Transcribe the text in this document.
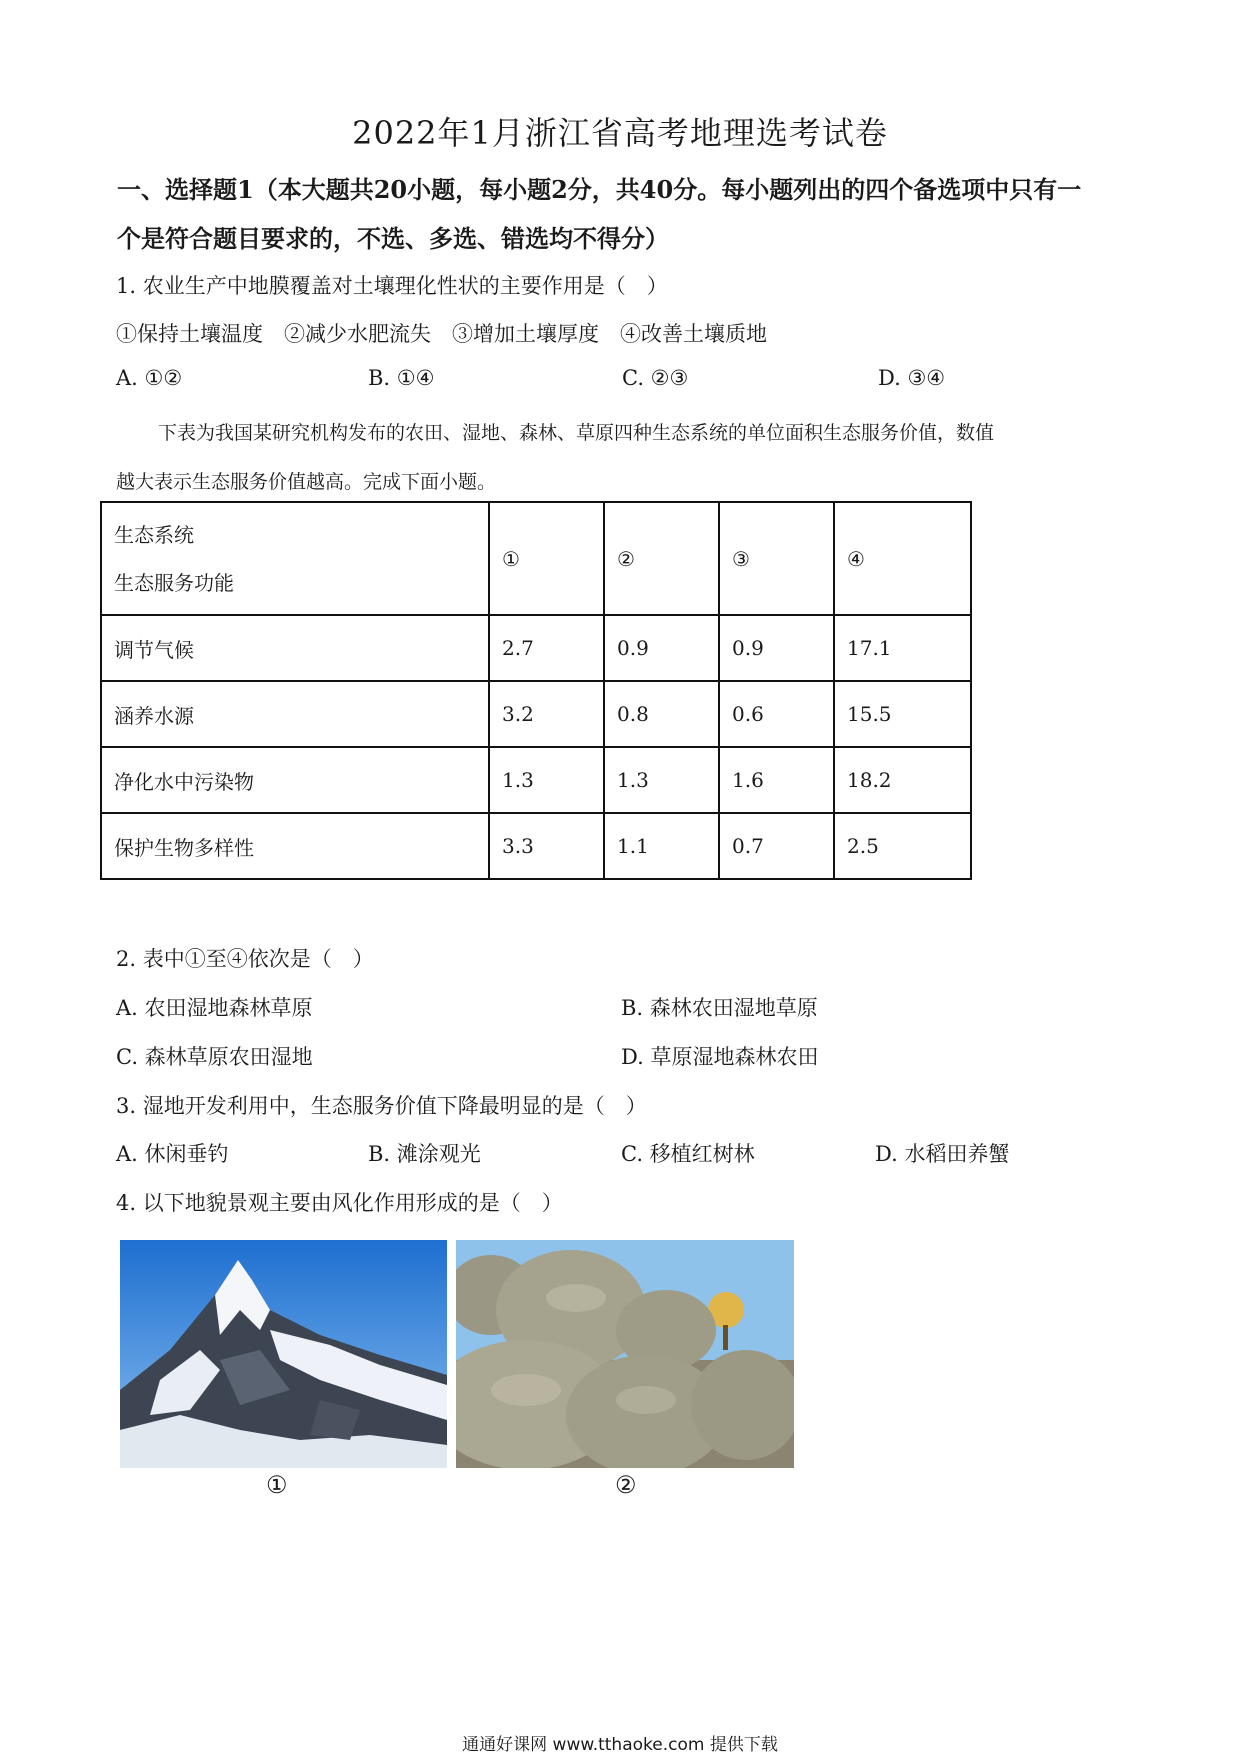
2022年1月浙江省高考地理选考试卷
一、选择题1（本大题共20小题，每小题2分，共40分。每小题列出的四个备选项中只有一
个是符合题目要求的，不选、多选、错选均不得分）
1. 农业生产中地膜覆盖对土壤理化性状的主要作用是（　）
①保持土壤温度　②减少水肥流失　③增加土壤厚度　④改善土壤质地
A. ①②	B. ①④	C. ②③	D. ③④
下表为我国某研究机构发布的农田、湿地、森林、草原四种生态系统的单位面积生态服务价值，数值
越大表示生态服务价值越高。完成下面小题。
生态系统
生态服务功能	①	②	③	④
调节气候	2.7	0.9	0.9	17.1
涵养水源	3.2	0.8	0.6	15.5
净化水中污染物	1.3	1.3	1.6	18.2
保护生物多样性	3.3	1.1	0.7	2.5
2. 表中①至④依次是（　）
A. 农田湿地森林草原	B. 森林农田湿地草原
C. 森林草原农田湿地	D. 草原湿地森林农田
3. 湿地开发利用中，生态服务价值下降最明显的是（　）
A. 休闲垂钓	B. 滩涂观光	C. 移植红树林	D. 水稻田养蟹
4. 以下地貌景观主要由风化作用形成的是（　）
①	②
通通好课网 www.tthaoke.com 提供下载
